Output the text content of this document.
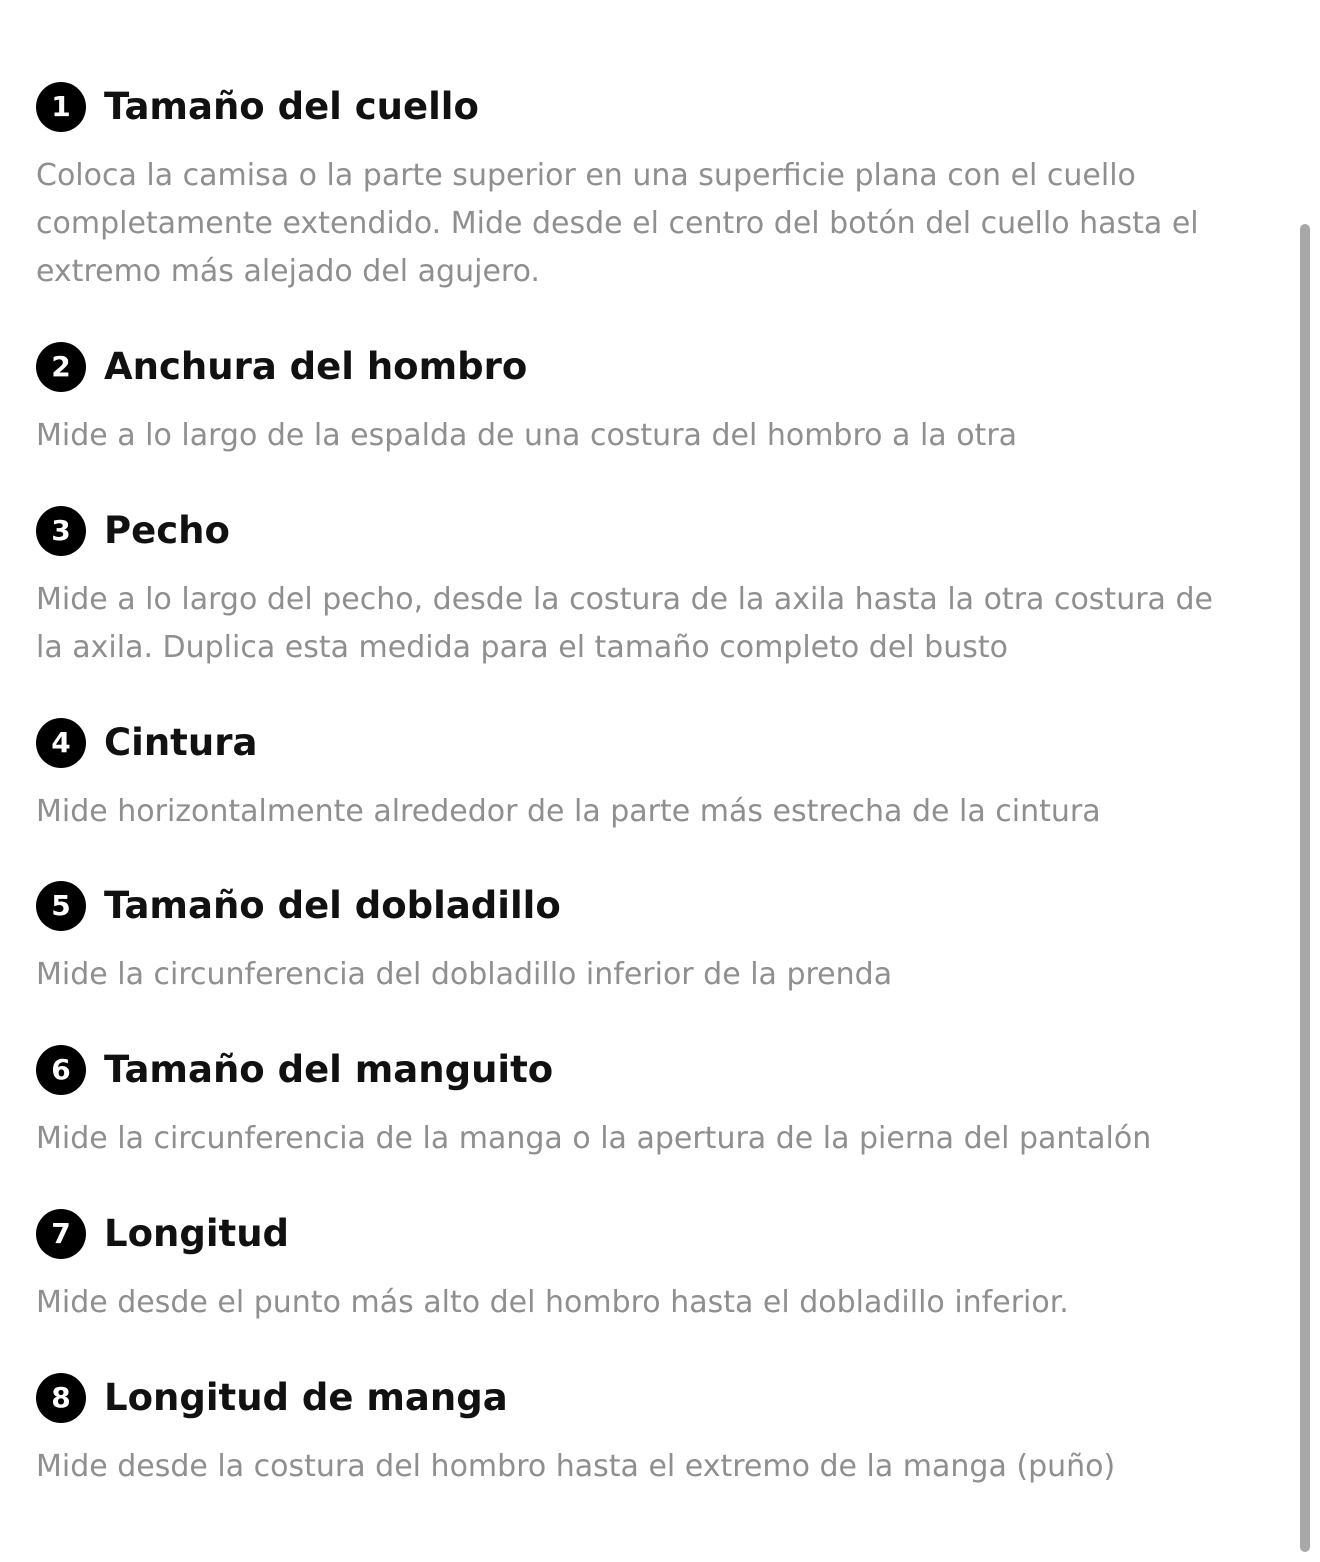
1 Tamaño del cuello

Coloca la camisa o la parte superior en una superficie plana con el cuello
completamente extendido. Mide desde el centro del botón del cuello hasta el
extremo más alejado del agujero.

2 Anchura del hombro

Mide a lo largo de la espalda de una costura del hombro a la otra

3 Pecho

Mide a lo largo del pecho, desde la costura de la axila hasta la otra costura de
la axila. Duplica esta medida para el tamaño completo del busto

4 Cintura

Mide horizontalmente alrededor de la parte más estrecha de la cintura

5 Tamaño del dobladillo

Mide la circunferencia del dobladillo inferior de la prenda

6 Tamaño del manguito

Mide la circunferencia de la manga o la apertura de la pierna del pantalón

7 Longitud

Mide desde el punto más alto del hombro hasta el dobladillo inferior.

8 Longitud de manga

Mide desde la costura del hombro hasta el extremo de la manga (puño)
